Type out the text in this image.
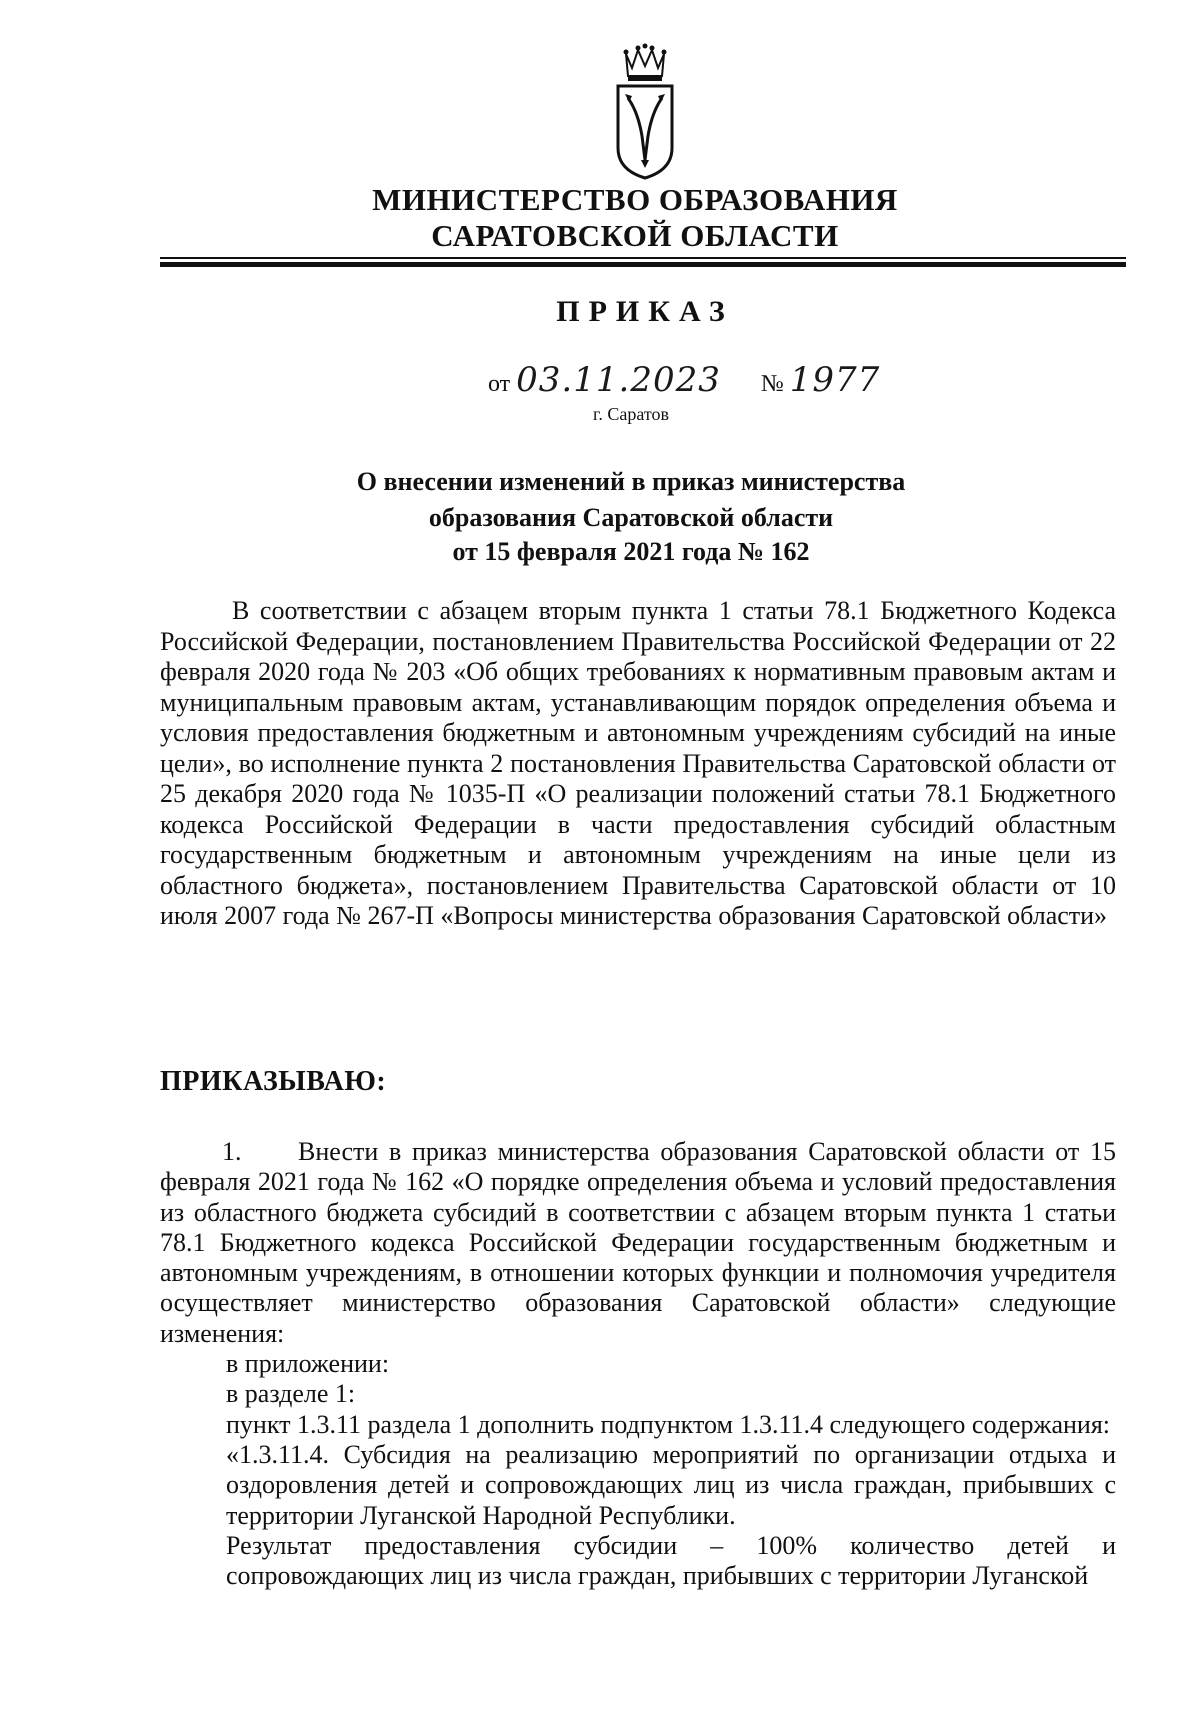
МИНИСТЕРСТВО ОБРАЗОВАНИЯ
САРАТОВСКОЙ ОБЛАСТИ
ПРИКАЗ
от 03.11.2023 № 1977
г. Саратов
О внесении изменений в приказ министерства
образования Саратовской области
от 15 февраля 2021 года № 162
В соответствии с абзацем вторым пункта 1 статьи 78.1 Бюджетного Кодекса Российской Федерации, постановлением Правительства Российской Федерации от 22 февраля 2020 года № 203 «Об общих требованиях к нормативным правовым актам и муниципальным правовым актам, устанавливающим порядок определения объема и условия предоставления бюджетным и автономным учреждениям субсидий на иные цели», во исполнение пункта 2 постановления Правительства Саратовской области от 25 декабря 2020 года № 1035-П «О реализации положений статьи 78.1 Бюджетного кодекса Российской Федерации в части предоставления субсидий областным государственным бюджетным и автономным учреждениям на иные цели из областного бюджета», постановлением Правительства Саратовской области от 10 июля 2007 года № 267-П «Вопросы министерства образования Саратовской области»
ПРИКАЗЫВАЮ:
1. Внести в приказ министерства образования Саратовской области от 15 февраля 2021 года № 162 «О порядке определения объема и условий предоставления из областного бюджета субсидий в соответствии с абзацем вторым пункта 1 статьи 78.1 Бюджетного кодекса Российской Федерации государственным бюджетным и автономным учреждениям, в отношении которых функции и полномочия учредителя осуществляет министерство образования Саратовской области» следующие изменения:
в приложении:
в разделе 1:
пункт 1.3.11 раздела 1 дополнить подпунктом 1.3.11.4 следующего содержания:
«1.3.11.4. Субсидия на реализацию мероприятий по организации отдыха и оздоровления детей и сопровождающих лиц из числа граждан, прибывших с территории Луганской Народной Республики.
Результат предоставления субсидии – 100% количество детей и сопровождающих лиц из числа граждан, прибывших с территории Луганской
